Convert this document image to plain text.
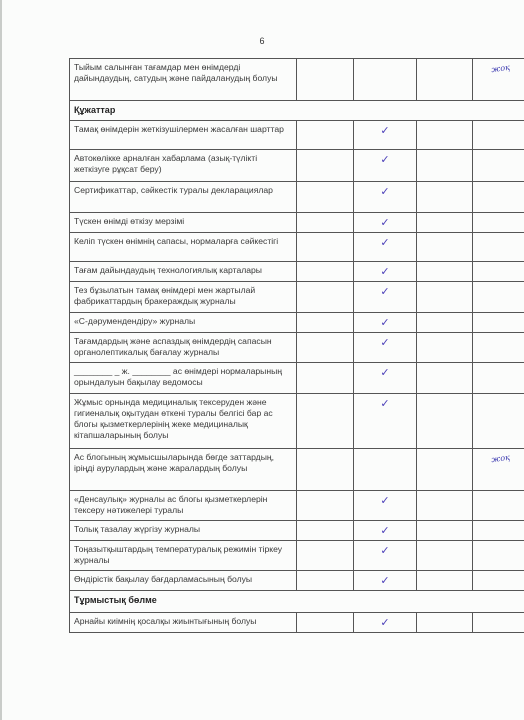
6
Тыйым салынған тағамдар мен өнімдерді дайындаудың, сатудың және пайдаланудың болуы				жоқ

Құжаттар				
Тамақ өнімдерін жеткізушілермен жасалған шарттар		✓		

Автокөлікке арналған хабарлама (азық-түлікті жеткізуге рұқсат беру)		✓		

Сертификаттар, сәйкестік туралы декларациялар		✓		

Түскен өнімді өткізу мерзімі		✓		

Келіп түскен өнімнің сапасы, нормаларға сәйкестігі		✓		

Тағам дайындаудың технологиялық карталары		✓		

Тез бұзылатын тамақ өнімдері мен жартылай фабрикаттардың бракераждық журналы		✓		

«С-дәрумендендіру» журналы		✓		

Тағамдардың және аспаздық өнімдердің сапасын органолептикалық бағалау журналы		✓		

________ _ ж. ________ ас өнімдері нормаларының орындалуын бақылау ведомосы		✓		

Жұмыс орнында медициналық тексеруден және гигиеналық оқытудан өткені туралы белгісі бар ас блогы қызметкерлерінің жеке медициналық кітапшаларының болуы		✓		

Ас блогының жұмысшыларында бөгде заттардың, іріңді аурулардың және жаралардың болуы				жоқ

«Денсаулық» журналы ас блогы қызметкерлерін тексеру нәтижелері туралы		✓		

Толық тазалау жүргізу журналы		✓		

Тоңазытқыштардың температуралық режимін тіркеу журналы		✓		

Өндірістік бақылау бағдарламасының болуы		✓		

Тұрмыстық бөлме				
Арнайы киімнің қосалқы жиынтығының болуы		✓		
